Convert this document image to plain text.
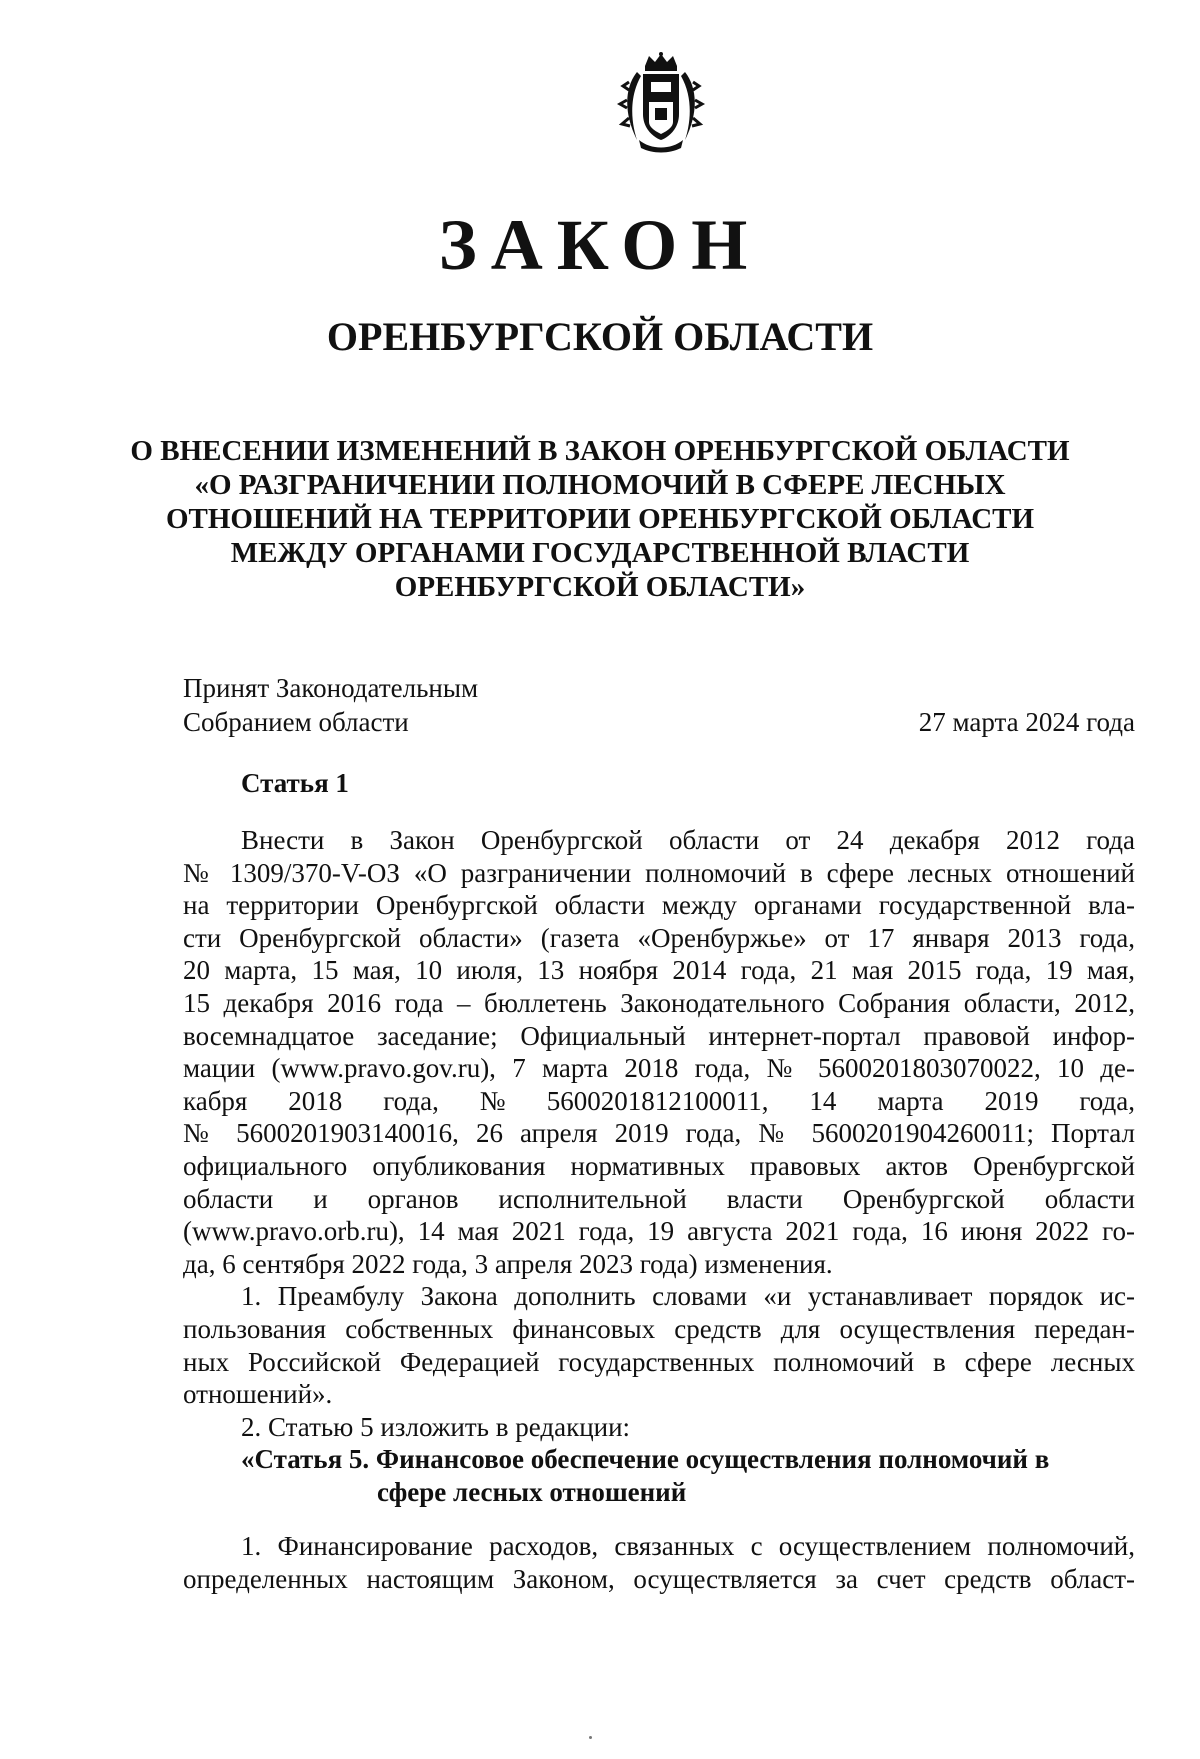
ЗАКОН
ОРЕНБУРГСКОЙ ОБЛАСТИ
О ВНЕСЕНИИ ИЗМЕНЕНИЙ В ЗАКОН ОРЕНБУРГСКОЙ ОБЛАСТИ
«О РАЗГРАНИЧЕНИИ ПОЛНОМОЧИЙ В СФЕРЕ ЛЕСНЫХ
ОТНОШЕНИЙ НА ТЕРРИТОРИИ ОРЕНБУРГСКОЙ ОБЛАСТИ
МЕЖДУ ОРГАНАМИ ГОСУДАРСТВЕННОЙ ВЛАСТИ
ОРЕНБУРГСКОЙ ОБЛАСТИ»
Принят Законодательным
Собранием области	27 марта 2024 года
Статья 1
Внести в Закон Оренбургской области от 24 декабря 2012 года
№ 1309/370-V-ОЗ «О разграничении полномочий в сфере лесных отношений
на территории Оренбургской области между органами государственной вла-
сти Оренбургской области» (газета «Оренбуржье» от 17 января 2013 года,
20 марта, 15 мая, 10 июля, 13 ноября 2014 года, 21 мая 2015 года, 19 мая,
15 декабря 2016 года – бюллетень Законодательного Собрания области, 2012,
восемнадцатое заседание; Официальный интернет-портал правовой инфор-
мации (www.pravo.gov.ru), 7 марта 2018 года, № 5600201803070022, 10 де-
кабря 2018 года, № 5600201812100011, 14 марта 2019 года,
№ 5600201903140016, 26 апреля 2019 года, № 5600201904260011; Портал
официального опубликования нормативных правовых актов Оренбургской
области и органов исполнительной власти Оренбургской области
(www.pravo.orb.ru), 14 мая 2021 года, 19 августа 2021 года, 16 июня 2022 го-
да, 6 сентября 2022 года, 3 апреля 2023 года) изменения.
1. Преамбулу Закона дополнить словами «и устанавливает порядок ис-
пользования собственных финансовых средств для осуществления передан-
ных Российской Федерацией государственных полномочий в сфере лесных
отношений».
2. Статью 5 изложить в редакции:
«Статья 5. Финансовое обеспечение осуществления полномочий в
сфере лесных отношений
1. Финансирование расходов, связанных с осуществлением полномочий,
определенных настоящим Законом, осуществляется за счет средств област-
